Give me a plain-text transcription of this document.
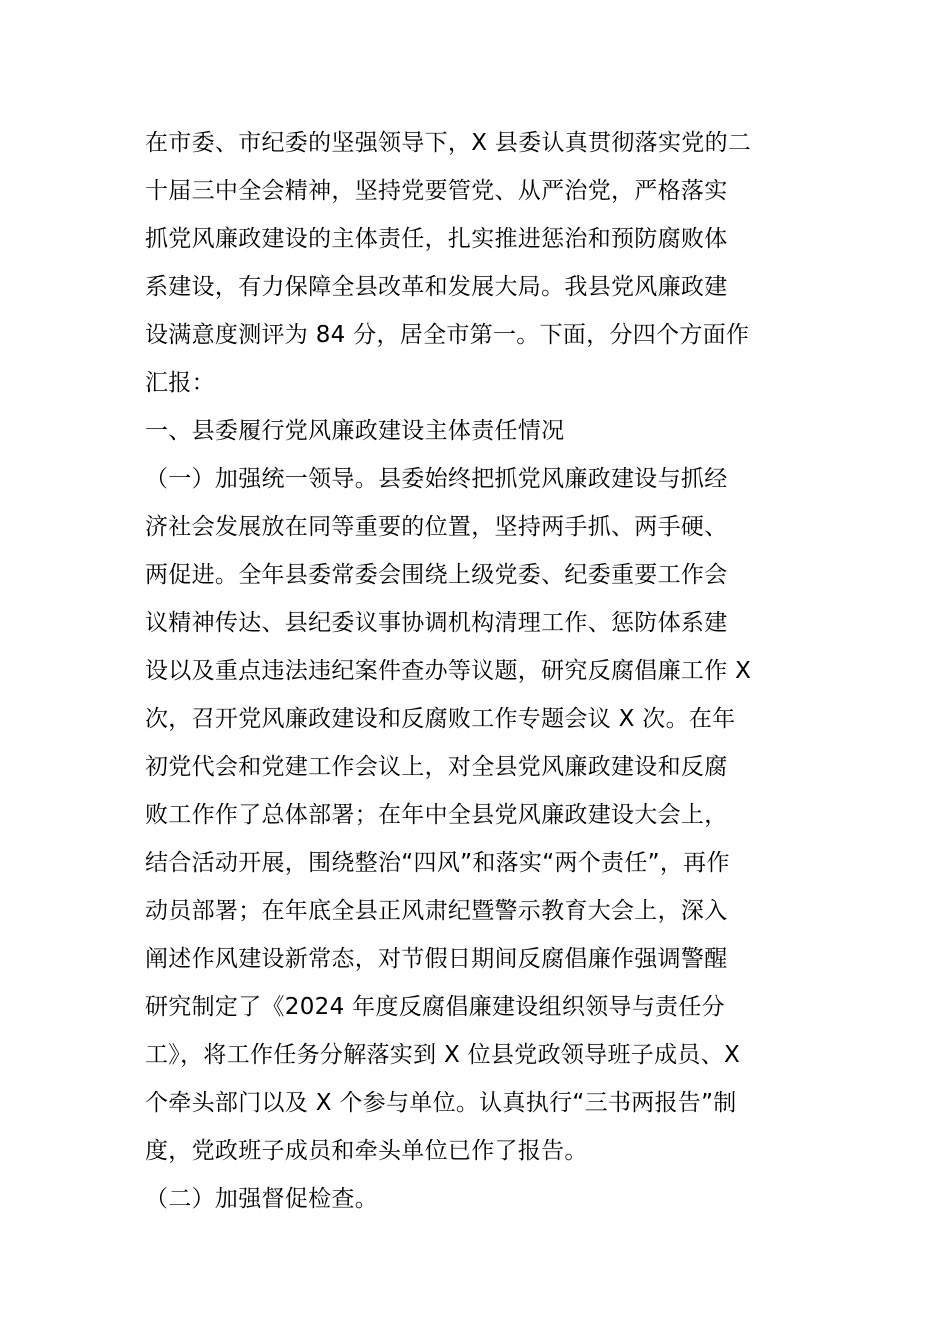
在市委、市纪委的坚强领导下，X 县委认真贯彻落实党的二
十届三中全会精神，坚持党要管党、从严治党，严格落实
抓党风廉政建设的主体责任，扎实推进惩治和预防腐败体
系建设，有力保障全县改革和发展大局。我县党风廉政建
设满意度测评为 84 分，居全市第一。下面，分四个方面作
汇报：
一、县委履行党风廉政建设主体责任情况
（一）加强统一领导。县委始终把抓党风廉政建设与抓经
济社会发展放在同等重要的位置，坚持两手抓、两手硬、
两促进。全年县委常委会围绕上级党委、纪委重要工作会
议精神传达、县纪委议事协调机构清理工作、惩防体系建
设以及重点违法违纪案件查办等议题，研究反腐倡廉工作 X
次，召开党风廉政建设和反腐败工作专题会议 X 次。在年
初党代会和党建工作会议上，对全县党风廉政建设和反腐
败工作作了总体部署；在年中全县党风廉政建设大会上，
结合活动开展，围绕整治“四风”和落实“两个责任”，再作
动员部署；在年底全县正风肃纪暨警示教育大会上，深入
阐述作风建设新常态，对节假日期间反腐倡廉作强调警醒
研究制定了《2024 年度反腐倡廉建设组织领导与责任分
工》，将工作任务分解落实到 X 位县党政领导班子成员、X
个牵头部门以及 X 个参与单位。认真执行“三书两报告”制
度，党政班子成员和牵头单位已作了报告。
（二）加强督促检查。
